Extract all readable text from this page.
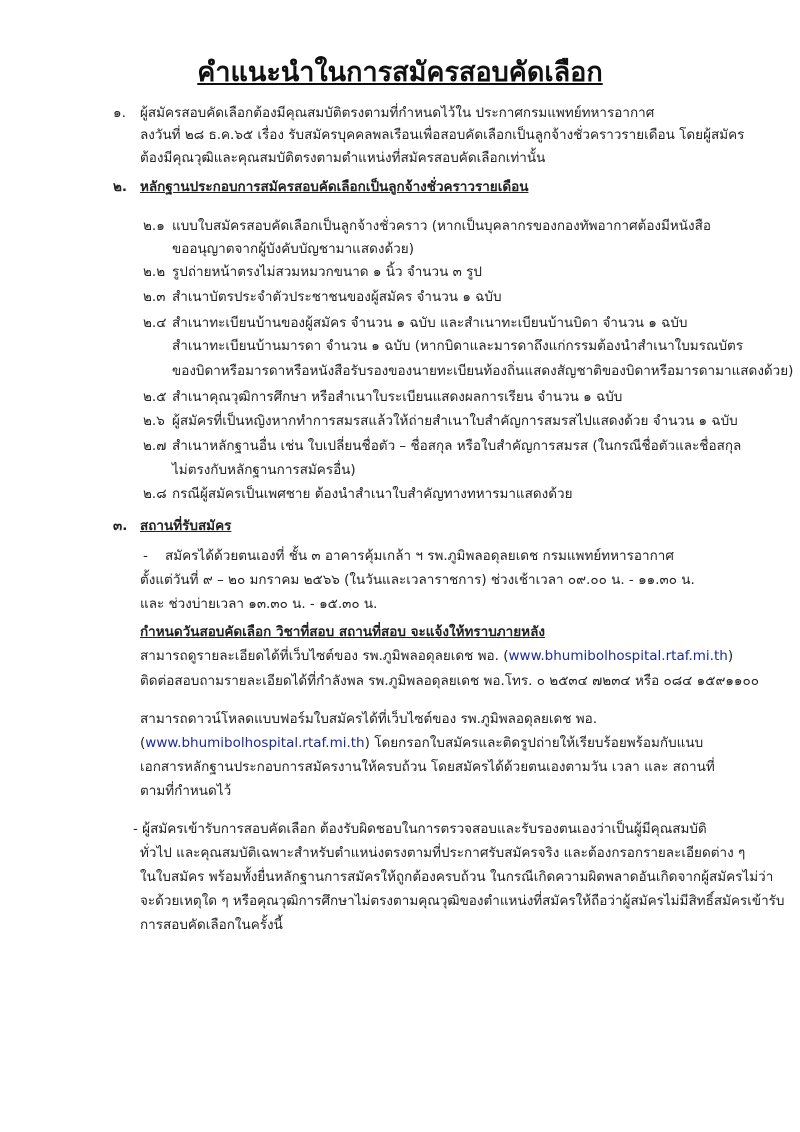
คำแนะนำในการสมัครสอบคัดเลือก
๑. ผู้สมัครสอบคัดเลือกต้องมีคุณสมบัติตรงตามที่กำหนดไว้ใน ประกาศกรมแพทย์ทหารอากาศ
ลงวันที่ ๒๘ ธ.ค.๖๕ เรื่อง รับสมัครบุคคลพลเรือนเพื่อสอบคัดเลือกเป็นลูกจ้างชั่วคราวรายเดือน โดยผู้สมัคร
ต้องมีคุณวุฒิและคุณสมบัติตรงตามตำแหน่งที่สมัครสอบคัดเลือกเท่านั้น
๒. หลักฐานประกอบการสมัครสอบคัดเลือกเป็นลูกจ้างชั่วคราวรายเดือน
๒.๑ แบบใบสมัครสอบคัดเลือกเป็นลูกจ้างชั่วคราว (หากเป็นบุคลากรของกองทัพอากาศต้องมีหนังสือ
ขออนุญาตจากผู้บังคับบัญชามาแสดงด้วย)
๒.๒ รูปถ่ายหน้าตรงไม่สวมหมวกขนาด ๑ นิ้ว จำนวน ๓ รูป
๒.๓ สำเนาบัตรประจำตัวประชาชนของผู้สมัคร จำนวน ๑ ฉบับ
๒.๔ สำเนาทะเบียนบ้านของผู้สมัคร จำนวน ๑ ฉบับ และสำเนาทะเบียนบ้านบิดา จำนวน ๑ ฉบับ
สำเนาทะเบียนบ้านมารดา จำนวน ๑ ฉบับ (หากบิดาและมารดาถึงแก่กรรมต้องนำสำเนาใบมรณบัตร
ของบิดาหรือมารดาหรือหนังสือรับรองของนายทะเบียนท้องถิ่นแสดงสัญชาติของบิดาหรือมารดามาแสดงด้วย)
๒.๕ สำเนาคุณวุฒิการศึกษา หรือสำเนาใบระเบียนแสดงผลการเรียน จำนวน ๑ ฉบับ
๒.๖ ผู้สมัครที่เป็นหญิงหากทำการสมรสแล้วให้ถ่ายสำเนาใบสำคัญการสมรสไปแสดงด้วย จำนวน ๑ ฉบับ
๒.๗ สำเนาหลักฐานอื่น เช่น ใบเปลี่ยนชื่อตัว – ชื่อสกุล หรือใบสำคัญการสมรส (ในกรณีชื่อตัวและชื่อสกุล
ไม่ตรงกับหลักฐานการสมัครอื่น)
๒.๘ กรณีผู้สมัครเป็นเพศชาย ต้องนำสำเนาใบสำคัญทางทหารมาแสดงด้วย
๓. สถานที่รับสมัคร
- สมัครได้ด้วยตนเองที่ ชั้น ๓ อาคารคุ้มเกล้า ฯ รพ.ภูมิพลอดุลยเดช กรมแพทย์ทหารอากาศ
ตั้งแต่วันที่ ๙ – ๒๐ มกราคม ๒๕๖๖ (ในวันและเวลาราชการ) ช่วงเช้าเวลา ๐๙.๐๐ น. - ๑๑.๓๐ น.
และ ช่วงบ่ายเวลา ๑๓.๓๐ น. - ๑๕.๓๐ น.
กำหนดวันสอบคัดเลือก วิชาที่สอบ สถานที่สอบ จะแจ้งให้ทราบภายหลัง
สามารถดูรายละเอียดได้ที่เว็บไซต์ของ รพ.ภูมิพลอดุลยเดช พอ. (www.bhumibolhospital.rtaf.mi.th)
ติดต่อสอบถามรายละเอียดได้ที่กำลังพล รพ.ภูมิพลอดุลยเดช พอ.โทร. ๐ ๒๕๓๔ ๗๒๓๔ หรือ ๐๘๔ ๑๕๙๑๑๐๐
สามารถดาวน์โหลดแบบฟอร์มใบสมัครได้ที่เว็บไซต์ของ รพ.ภูมิพลอดุลยเดช พอ.
(www.bhumibolhospital.rtaf.mi.th) โดยกรอกใบสมัครและติดรูปถ่ายให้เรียบร้อยพร้อมกับแนบ
เอกสารหลักฐานประกอบการสมัครงานให้ครบถ้วน โดยสมัครได้ด้วยตนเองตามวัน เวลา และ สถานที่
ตามที่กำหนดไว้
- ผู้สมัครเข้ารับการสอบคัดเลือก ต้องรับผิดชอบในการตรวจสอบและรับรองตนเองว่าเป็นผู้มีคุณสมบัติ
ทั่วไป และคุณสมบัติเฉพาะสำหรับตำแหน่งตรงตามที่ประกาศรับสมัครจริง และต้องกรอกรายละเอียดต่าง ๆ
ในใบสมัคร พร้อมทั้งยื่นหลักฐานการสมัครให้ถูกต้องครบถ้วน ในกรณีเกิดความผิดพลาดอันเกิดจากผู้สมัครไม่ว่า
จะด้วยเหตุใด ๆ หรือคุณวุฒิการศึกษาไม่ตรงตามคุณวุฒิของตำแหน่งที่สมัครให้ถือว่าผู้สมัครไม่มีสิทธิ์สมัครเข้ารับ
การสอบคัดเลือกในครั้งนี้
